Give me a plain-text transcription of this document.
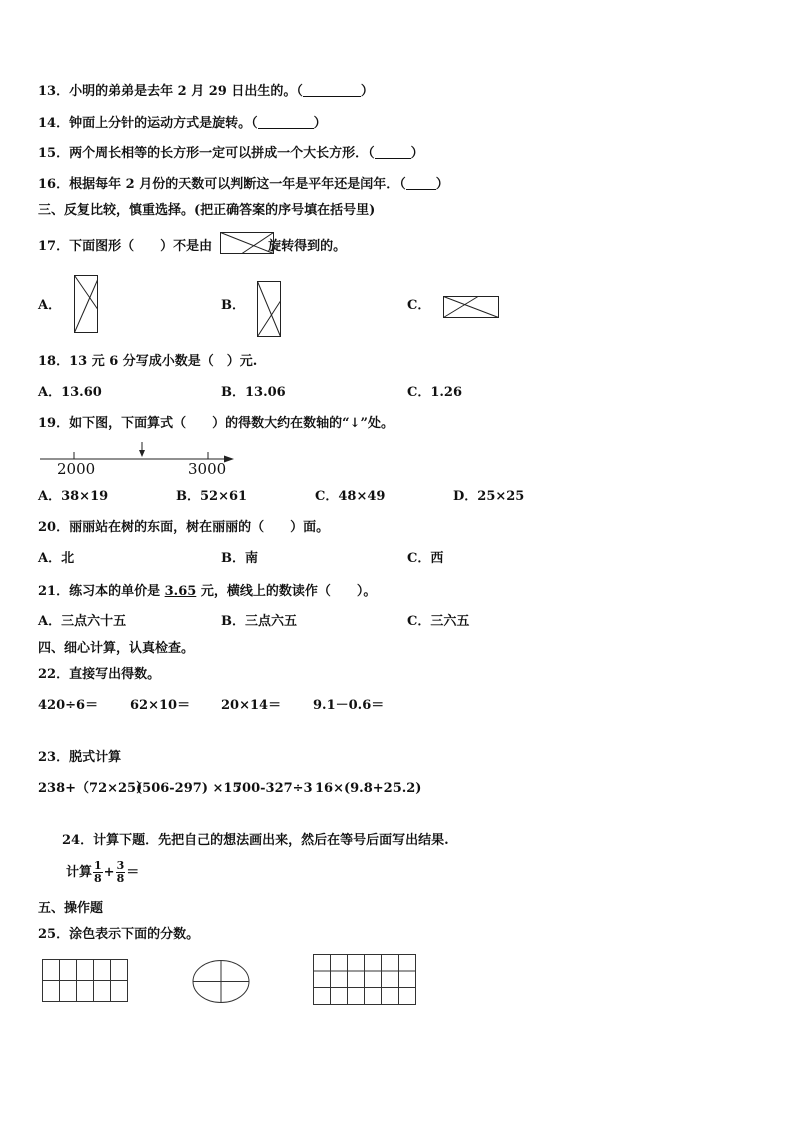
13．小明的弟弟是去年 2 月 29 日出生的。（	）
14．钟面上分针的运动方式是旋转。（	）
15．两个周长相等的长方形一定可以拼成一个大长方形．（	）
16．根据每年 2 月份的天数可以判断这一年是平年还是闰年．（ ）
三、反复比较，慎重选择。(把正确答案的序号填在括号里)
17．下面图形（　　）不是由	旋转得到的。
A．	B．	C．
18．13 元 6 分写成小数是（　）元.
A．13.60	B．13.06	C．1.26
19．如下图，下面算式（　　）的得数大约在数轴的“↓”处。
2000	3000
A．38×19	B．52×61	C．48×49	D．25×25
20．丽丽站在树的东面，树在丽丽的（　　）面。
A．北	B．南	C．西
21．练习本的单价是 3.65 元，横线上的数读作（　　）。
A．三点六十五	B．三点六五	C．三六五
四、细心计算，认真检查。
22．直接写出得数。
420÷6＝ 62×10＝ 20×14＝ 9.1－0.6＝
23．脱式计算
238+（72×25）
(506-297) ×15
700-327÷3 16×(9.8+25.2)
24．计算下题．先把自己的想法画出来，然后在等号后面写出结果.
计算 $\frac{1}{8} + \frac{3}{8}$ ＝
五、操作题
25．涂色表示下面的分数。
